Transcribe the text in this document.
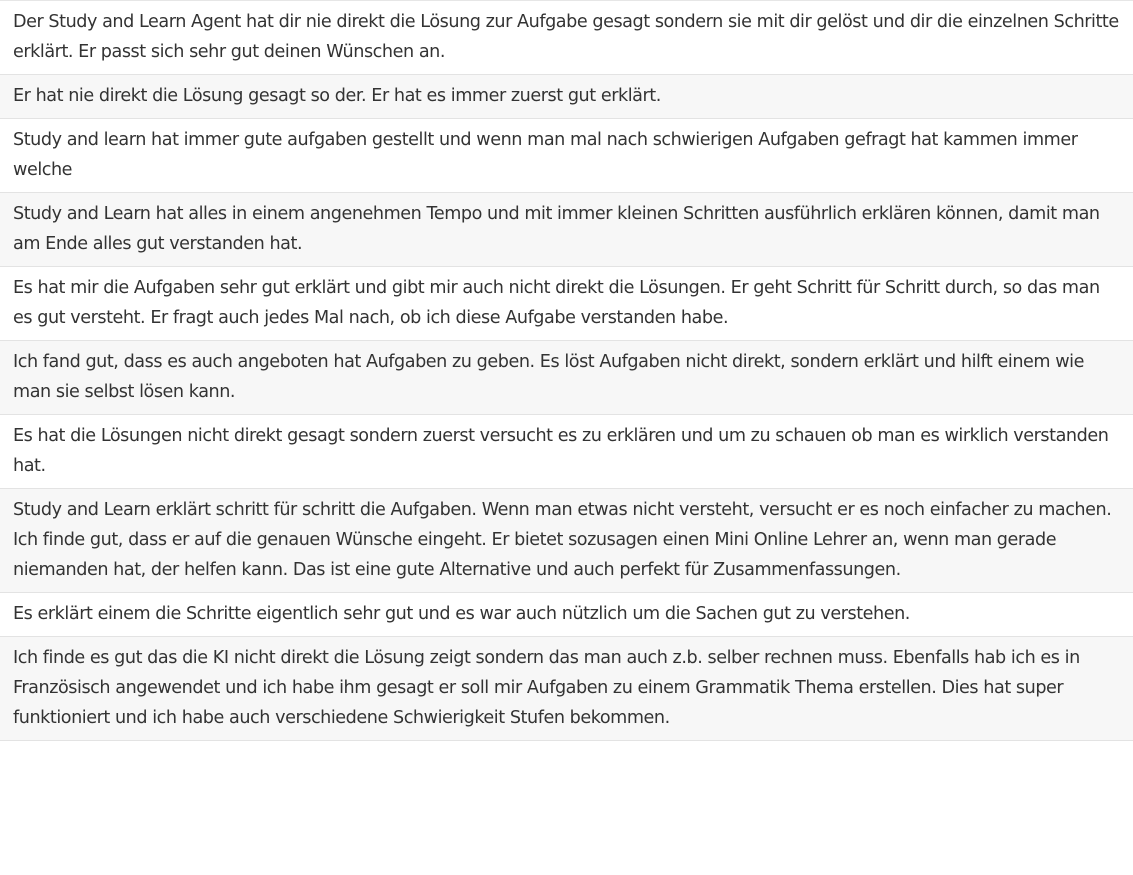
Der Study and Learn Agent hat dir nie direkt die Lösung zur Aufgabe gesagt sondern sie mit dir gelöst und dir die einzelnen Schritte erklärt. Er passt sich sehr gut deinen Wünschen an.
Er hat nie direkt die Lösung gesagt so der. Er hat es immer zuerst gut erklärt.
Study and learn hat immer gute aufgaben gestellt und wenn man mal nach schwierigen Aufgaben gefragt hat kammen immer welche
Study and Learn hat alles in einem angenehmen Tempo und mit immer kleinen Schritten ausführlich erklären können, damit man am Ende alles gut verstanden hat.
Es hat mir die Aufgaben sehr gut erklärt und gibt mir auch nicht direkt die Lösungen. Er geht Schritt für Schritt durch, so das man es gut versteht. Er fragt auch jedes Mal nach, ob ich diese Aufgabe verstanden habe.
Ich fand gut, dass es auch angeboten hat Aufgaben zu geben. Es löst Aufgaben nicht direkt, sondern erklärt und hilft einem wie man sie selbst lösen kann.
Es hat die Lösungen nicht direkt gesagt sondern zuerst versucht es zu erklären und um zu schauen ob man es wirklich verstanden hat.
Study and Learn erklärt schritt für schritt die Aufgaben. Wenn man etwas nicht versteht, versucht er es noch einfacher zu machen. Ich finde gut, dass er auf die genauen Wünsche eingeht. Er bietet sozusagen einen Mini Online Lehrer an, wenn man gerade niemanden hat, der helfen kann. Das ist eine gute Alternative und auch perfekt für Zusammenfassungen.
Es erklärt einem die Schritte eigentlich sehr gut und es war auch nützlich um die Sachen gut zu verstehen.
Ich finde es gut das die KI nicht direkt die Lösung zeigt sondern das man auch z.b. selber rechnen muss. Ebenfalls hab ich es in Französisch angewendet und ich habe ihm gesagt er soll mir Aufgaben zu einem Grammatik Thema erstellen. Dies hat super funktioniert und ich habe auch verschiedene Schwierigkeit Stufen bekommen.
